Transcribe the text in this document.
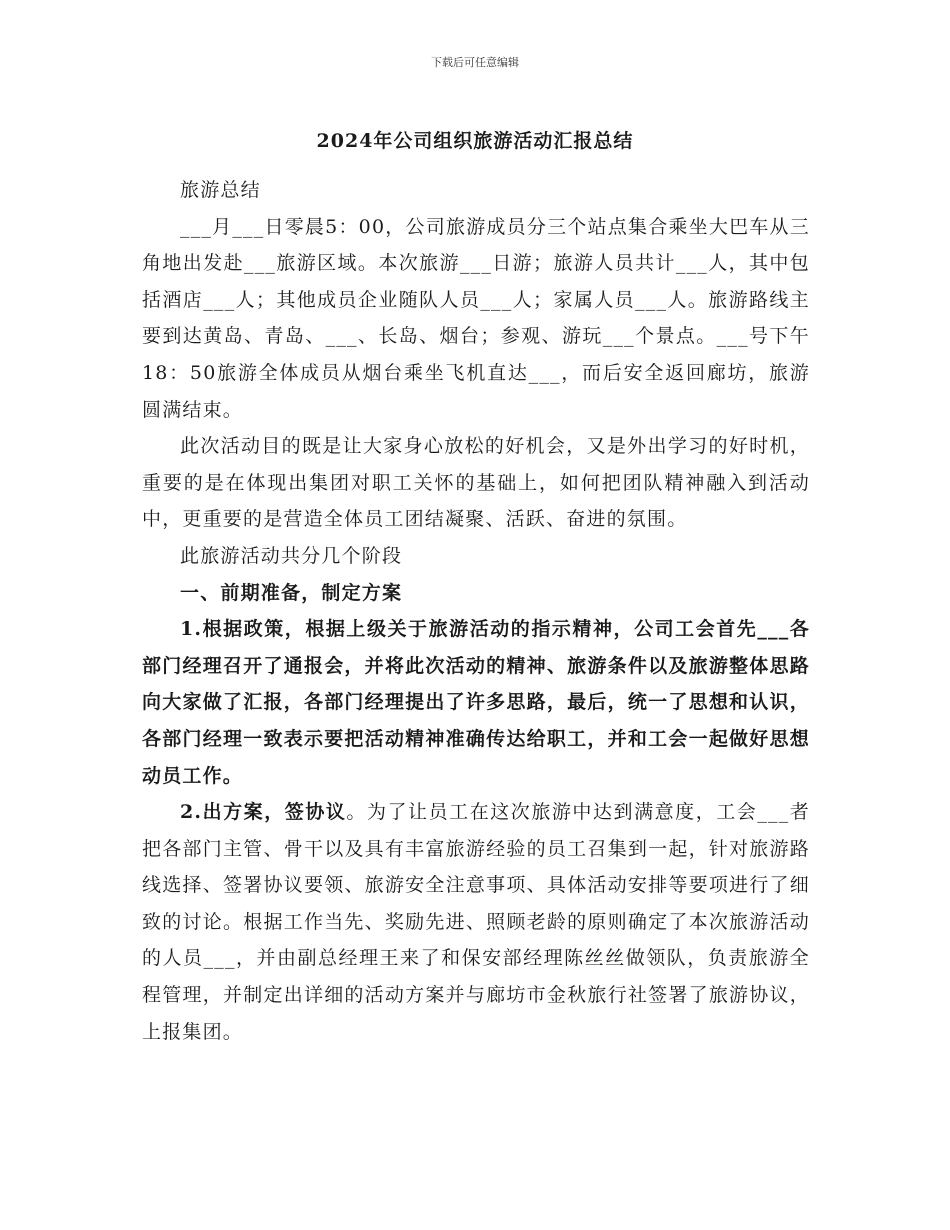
下载后可任意编辑
2024年公司组织旅游活动汇报总结

旅游总结

___月___日零晨5：00，公司旅游成员分三个站点集合乘坐大巴车从三角地出发赴___旅游区域。本次旅游___日游；旅游人员共计___人，其中包括酒店___人；其他成员企业随队人员___人；家属人员___人。旅游路线主要到达黄岛、青岛、___、长岛、烟台；参观、游玩___个景点。___号下午18：50旅游全体成员从烟台乘坐飞机直达___，而后安全返回廊坊，旅游圆满结束。

此次活动目的既是让大家身心放松的好机会，又是外出学习的好时机，重要的是在体现出集团对职工关怀的基础上，如何把团队精神融入到活动中，更重要的是营造全体员工团结凝聚、活跃、奋进的氛围。

此旅游活动共分几个阶段

一、前期准备，制定方案

1.根据政策，根据上级关于旅游活动的指示精神，公司工会首先___各部门经理召开了通报会，并将此次活动的精神、旅游条件以及旅游整体思路向大家做了汇报，各部门经理提出了许多思路，最后，统一了思想和认识，各部门经理一致表示要把活动精神准确传达给职工，并和工会一起做好思想动员工作。

2.出方案，签协议。为了让员工在这次旅游中达到满意度，工会___者把各部门主管、骨干以及具有丰富旅游经验的员工召集到一起，针对旅游路线选择、签署协议要领、旅游安全注意事项、具体活动安排等要项进行了细致的讨论。根据工作当先、奖励先进、照顾老龄的原则确定了本次旅游活动的人员___，并由副总经理王来了和保安部经理陈丝丝做领队，负责旅游全程管理，并制定出详细的活动方案并与廊坊市金秋旅行社签署了旅游协议，上报集团。
